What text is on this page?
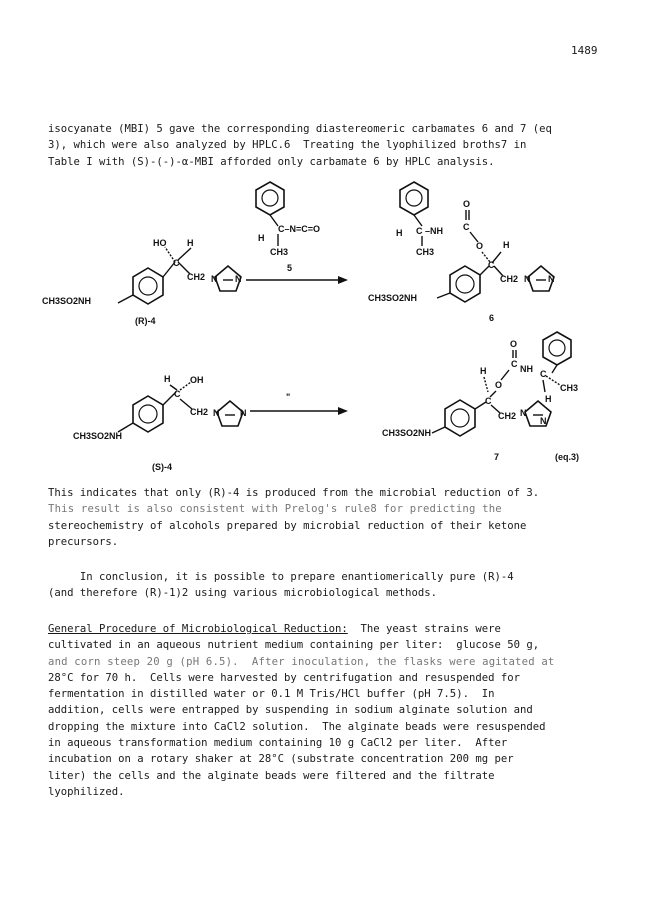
1489
isocyanate (MBI) 5 gave the corresponding diastereomeric carbamates 6 and 7 (eq
3), which were also analyzed by HPLC.6  Treating the lyophilized broths7 in
Table I with (S)-(-)-α-MBI afforded only carbamate 6 by HPLC analysis.
HO H
C
CH2 N N
CH3SO2NH
(R)-4
C–N=C=O
H
CH3
5
H C –NH
CH3
O
C
O H
C
CH2
CH3SO2NH
N N
6
H OH
C
CH2 N N
CH3SO2NH
(S)-4
"
O
C NH C
CH3
H
O
H
C
CH2
CH3SO2NH
N
N
7	(eq.3)
This indicates that only (R)-4 is produced from the microbial reduction of 3.
This result is also consistent with Prelog's rule8 for predicting the
stereochemistry of alcohols prepared by microbial reduction of their ketone
precursors.
In conclusion, it is possible to prepare enantiomerically pure (R)-4
(and therefore (R)-1)2 using various microbiological methods.
General Procedure of Microbiological Reduction:  The yeast strains were
cultivated in an aqueous nutrient medium containing per liter:  glucose 50 g,
and corn steep 20 g (pH 6.5).  After inoculation, the flasks were agitated at
28°C for 70 h.  Cells were harvested by centrifugation and resuspended for
fermentation in distilled water or 0.1 M Tris/HCl buffer (pH 7.5).  In
addition, cells were entrapped by suspending in sodium alginate solution and
dropping the mixture into CaCl2 solution.  The alginate beads were resuspended
in aqueous transformation medium containing 10 g CaCl2 per liter.  After
incubation on a rotary shaker at 28°C (substrate concentration 200 mg per
liter) the cells and the alginate beads were filtered and the filtrate
lyophilized.
